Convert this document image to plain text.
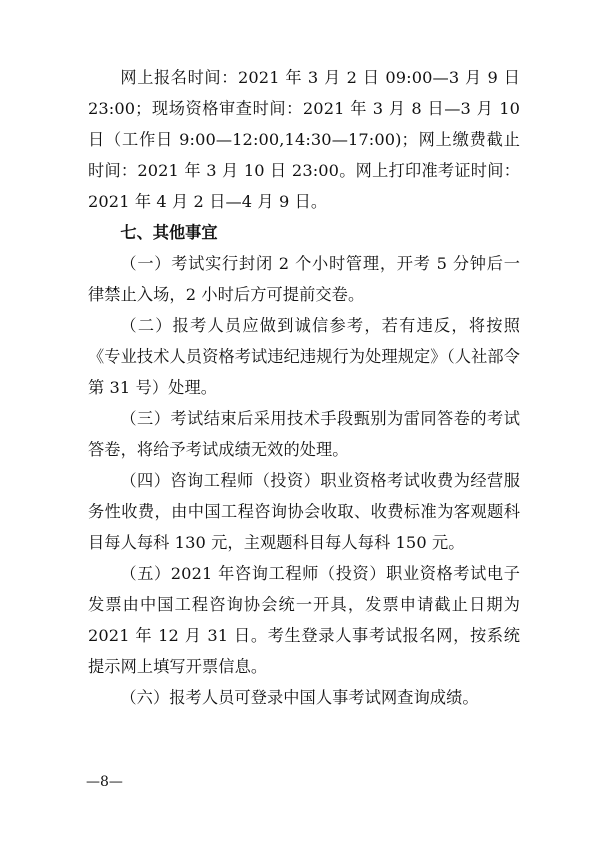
网上报名时间：2021 年 3 月 2 日 09:00—3 月 9 日 23:00；现场资格审查时间：2021 年 3 月 8 日—3 月 10 日（工作日 9:00—12:00,14:30—17:00)；网上缴费截止时间：2021 年 3 月 10 日 23:00。网上打印准考证时间：2021 年 4 月 2 日—4 月 9 日。

七、其他事宜

（一）考试实行封闭 2 个小时管理，开考 5 分钟后一律禁止入场，2 小时后方可提前交卷。

（二）报考人员应做到诚信参考，若有违反，将按照《专业技术人员资格考试违纪违规行为处理规定》（人社部令第 31 号）处理。

（三）考试结束后采用技术手段甄别为雷同答卷的考试答卷，将给予考试成绩无效的处理。

（四）咨询工程师（投资）职业资格考试收费为经营服务性收费，由中国工程咨询协会收取、收费标准为客观题科目每人每科 130 元，主观题科目每人每科 150 元。

（五）2021 年咨询工程师（投资）职业资格考试电子发票由中国工程咨询协会统一开具，发票申请截止日期为 2021 年 12 月 31 日。考生登录人事考试报名网，按系统提示网上填写开票信息。

（六）报考人员可登录中国人事考试网查询成绩。

—8—
